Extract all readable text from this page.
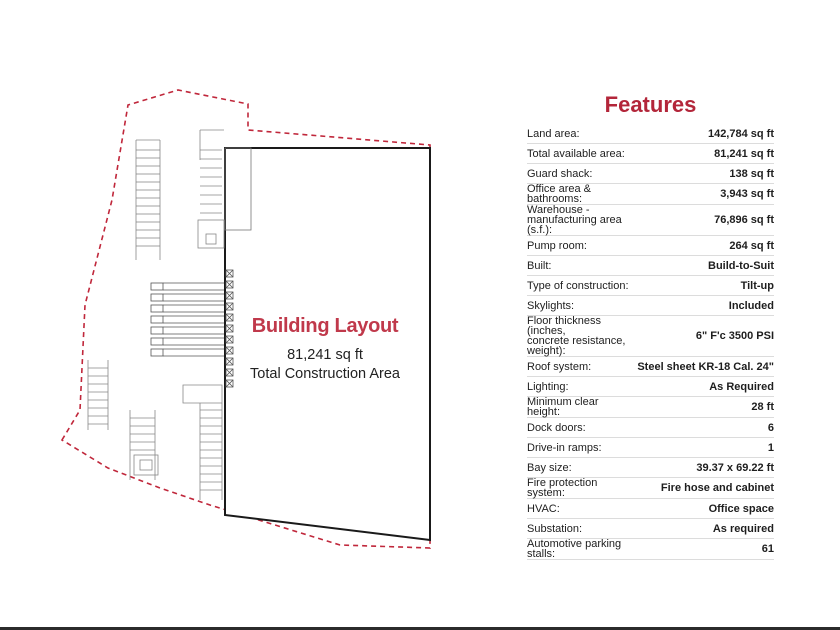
Building Layout
81,241 sq ft
Total Construction Area
Features
Land area:	142,784 sq ft
Total available area:	81,241 sq ft
Guard shack:	138 sq ft
Office area & bathrooms:	3,943 sq ft
Warehouse -
manufacturing area (s.f.):	76,896 sq ft
Pump room:	264 sq ft
Built:	Build-to-Suit
Type of construction:	Tilt-up
Skylights:	Included
Floor thickness (inches,
concrete resistance, weight):	6" F'c 3500 PSI
Roof system:	Steel sheet KR-18 Cal. 24"
Lighting:	As Required
Minimum clear height:	28 ft
Dock doors:	6
Drive-in ramps:	1
Bay size:	39.37 x 69.22 ft
Fire protection system:	Fire hose and cabinet
HVAC:	Office space
Substation:	As required
Automotive parking stalls:	61
